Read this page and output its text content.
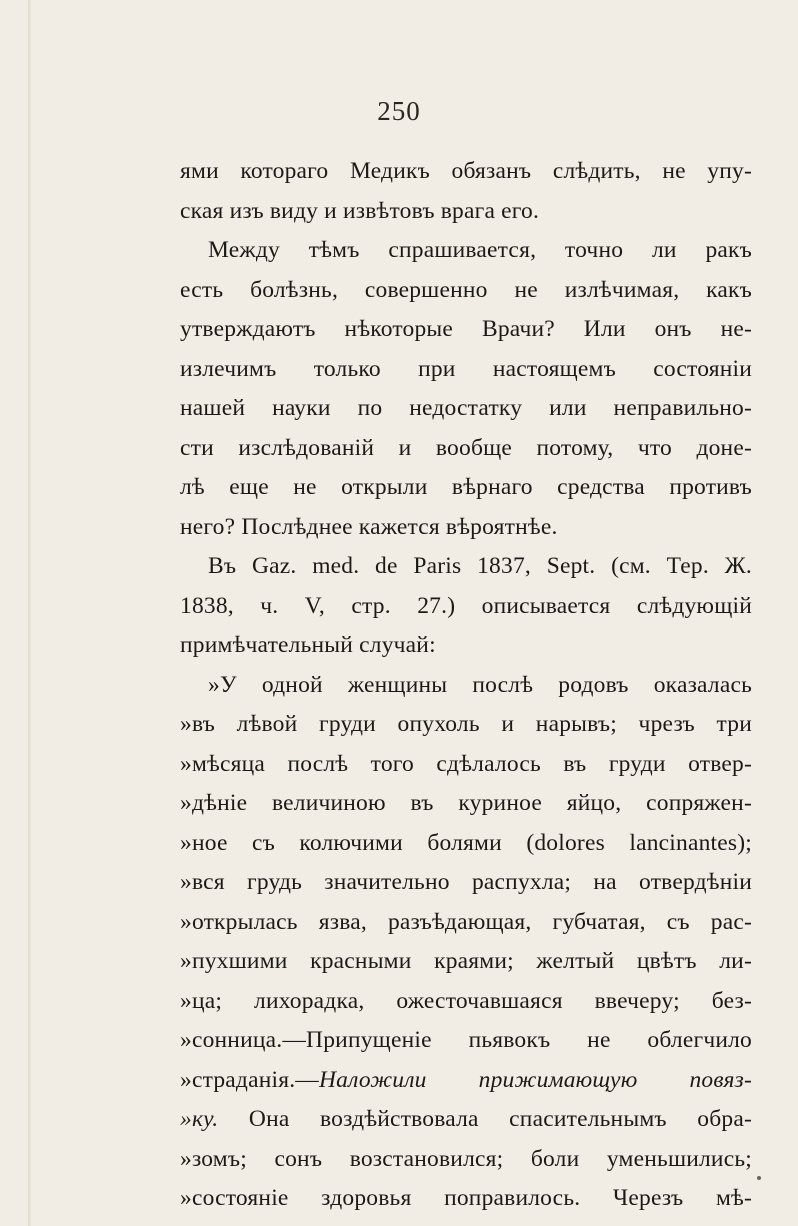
250
ями котораго Медикъ обязанъ слѣдить, не упу-
ская изъ виду и извѣтовъ врага его.
Между тѣмъ спрашивается, точно ли ракъ
есть болѣзнь, совершенно не излѣчимая, какъ
утверждаютъ нѣкоторые Врачи? Или онъ не-
излечимъ только при настоящемъ состояніи
нашей науки по недостатку или неправильно-
сти изслѣдованій и вообще потому, что доне-
лѣ еще не открыли вѣрнаго средства противъ
него? Послѣднее кажется вѣроятнѣе.
Въ Gaz. med. de Paris 1837, Sept. (см. Тер. Ж.
1838, ч. V, стр. 27.) описывается слѣдующій
примѣчательный случай:
»У одной женщины послѣ родовъ оказалась
»въ лѣвой груди опухоль и нарывъ; чрезъ три
»мѣсяца послѣ того сдѣлалось въ груди отвер-
»дѣніе величиною въ куриное яйцо, сопряжен-
»ное съ колючими болями (dolores lancinantes);
»вся грудь значительно распухла; на отвердѣніи
»открылась язва, разъѣдающая, губчатая, съ рас-
»пухшими красными краями; желтый цвѣтъ ли-
»ца; лихорадка, ожесточавшаяся ввечеру; без-
»сонница.—Припущеніе пьявокъ не облегчило
»страданія.—Наложили прижимающую повяз-
»ку. Она воздѣйствовала спасительнымъ обра-
»зомъ; сонъ возстановился; боли уменьшились;
»состояніе здоровья поправилось. Черезъ мѣ-
